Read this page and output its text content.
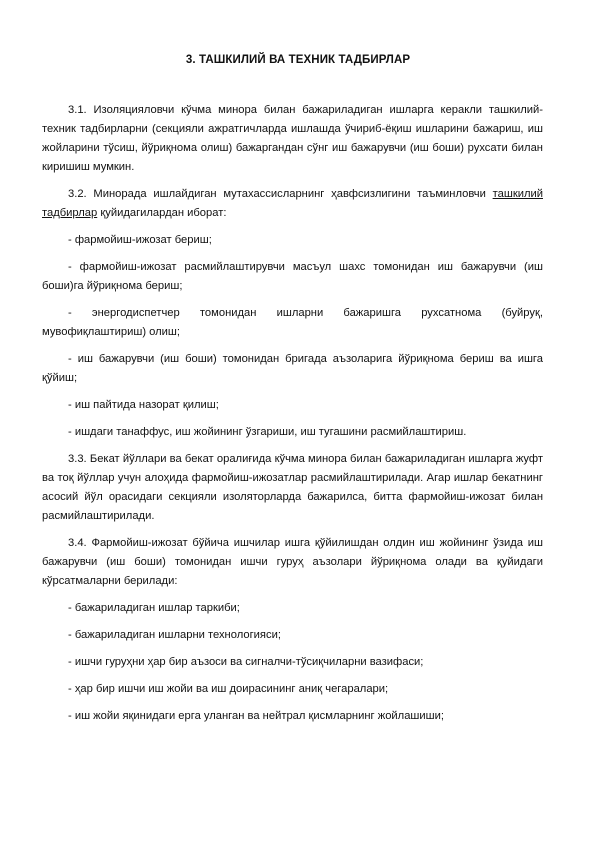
3. ТАШКИЛИЙ ВА ТЕХНИК ТАДБИРЛАР

3.1. Изоляцияловчи кўчма минора билан бажариладиган ишларга керакли ташкилий-техник тадбирларни (секцияли ажратгичларда ишлашда ўчириб-ёқиш ишларини бажариш, иш жойларини тўсиш, йўриқнома олиш) бажаргандан сўнг иш бажарувчи (иш боши) рухсати билан киришиш мумкин.

3.2. Минорада ишлайдиган мутахассисларнинг ҳавфсизлигини таъминловчи ташкилий тадбирлар қуйидагилардан иборат:

- фармойиш-ижозат бериш;

- фармойиш-ижозат расмийлаштирувчи масъул шахс томонидан иш бажарувчи (иш боши)га йўриқнома бериш;

- энергодиспетчер томонидан ишларни бажаришга рухсатнома (буйруқ, мувофиқлаштириш) олиш;

- иш бажарувчи (иш боши) томонидан бригада аъзоларига йўриқнома бериш ва ишга қўйиш;

- иш пайтида назорат қилиш;

- ишдаги танаффус, иш жойининг ўзгариши, иш тугашини расмийлаштириш.

3.3. Бекат йўллари ва бекат оралиғида кўчма минора билан бажариладиган ишларга жуфт ва тоқ йўллар учун алоҳида фармойиш-ижозатлар расмийлаштирилади. Агар ишлар бекатнинг асосий йўл орасидаги секцияли изоляторларда бажарилса, битта фармойиш-ижозат билан расмийлаштирилади.

3.4. Фармойиш-ижозат бўйича ишчилар ишга қўйилишдан олдин иш жойининг ўзида иш бажарувчи (иш боши) томонидан ишчи гуруҳ аъзолари йўриқнома олади ва қуйидаги кўрсатмаларни берилади:

- бажариладиган ишлар таркиби;

- бажариладиган ишларни технологияси;

- ишчи гуруҳни ҳар бир аъзоси ва сигналчи-тўсиқчиларни вазифаси;

- ҳар бир ишчи иш жойи ва иш доирасининг аниқ чегаралари;

- иш жойи яқинидаги ерга уланган ва нейтрал қисмларнинг жойлашиши;
